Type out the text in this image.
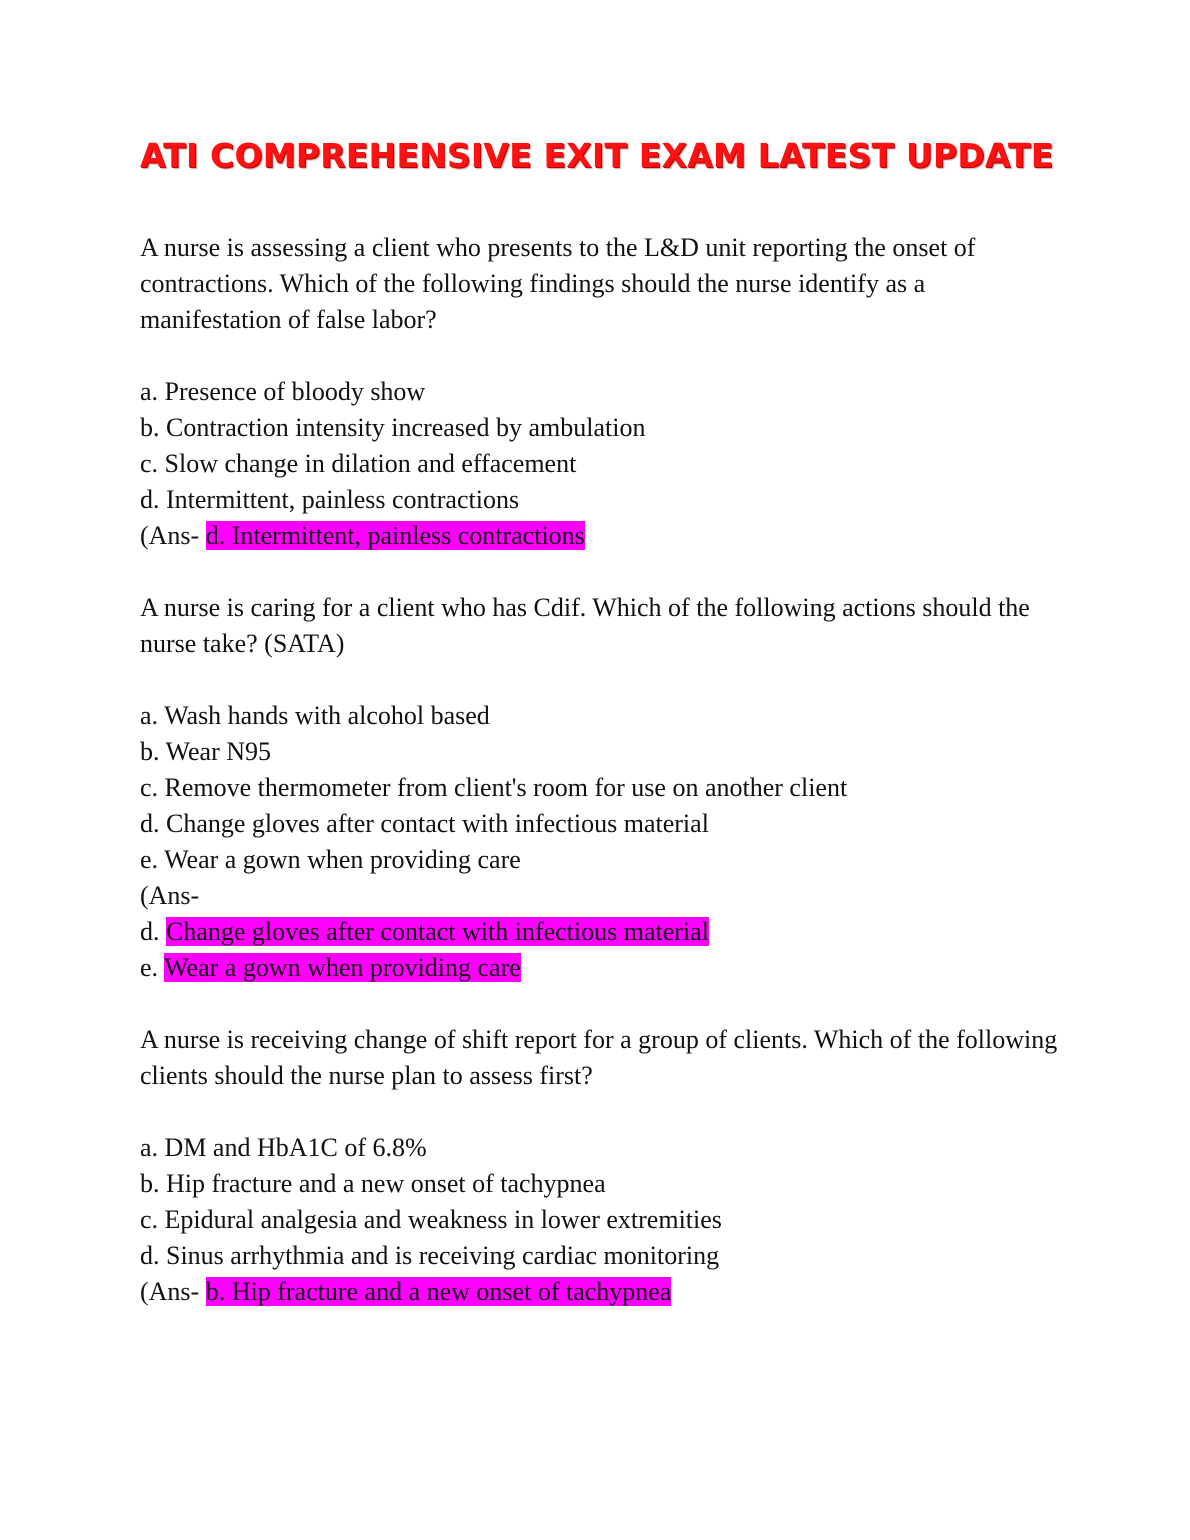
ATI COMPREHENSIVE EXIT EXAM LATEST UPDATE

A nurse is assessing a client who presents to the L&D unit reporting the onset of contractions. Which of the following findings should the nurse identify as a manifestation of false labor?

a. Presence of bloody show

b. Contraction intensity increased by ambulation

c. Slow change in dilation and effacement

d. Intermittent, painless contractions

(Ans- d. Intermittent, painless contractions

A nurse is caring for a client who has Cdif. Which of the following actions should the nurse take? (SATA)

a. Wash hands with alcohol based

b. Wear N95

c. Remove thermometer from client's room for use on another client

d. Change gloves after contact with infectious material

e. Wear a gown when providing care

(Ans-

d. Change gloves after contact with infectious material

e. Wear a gown when providing care

A nurse is receiving change of shift report for a group of clients. Which of the following clients should the nurse plan to assess first?

a. DM and HbA1C of 6.8%

b. Hip fracture and a new onset of tachypnea

c. Epidural analgesia and weakness in lower extremities

d. Sinus arrhythmia and is receiving cardiac monitoring

(Ans- b. Hip fracture and a new onset of tachypnea
